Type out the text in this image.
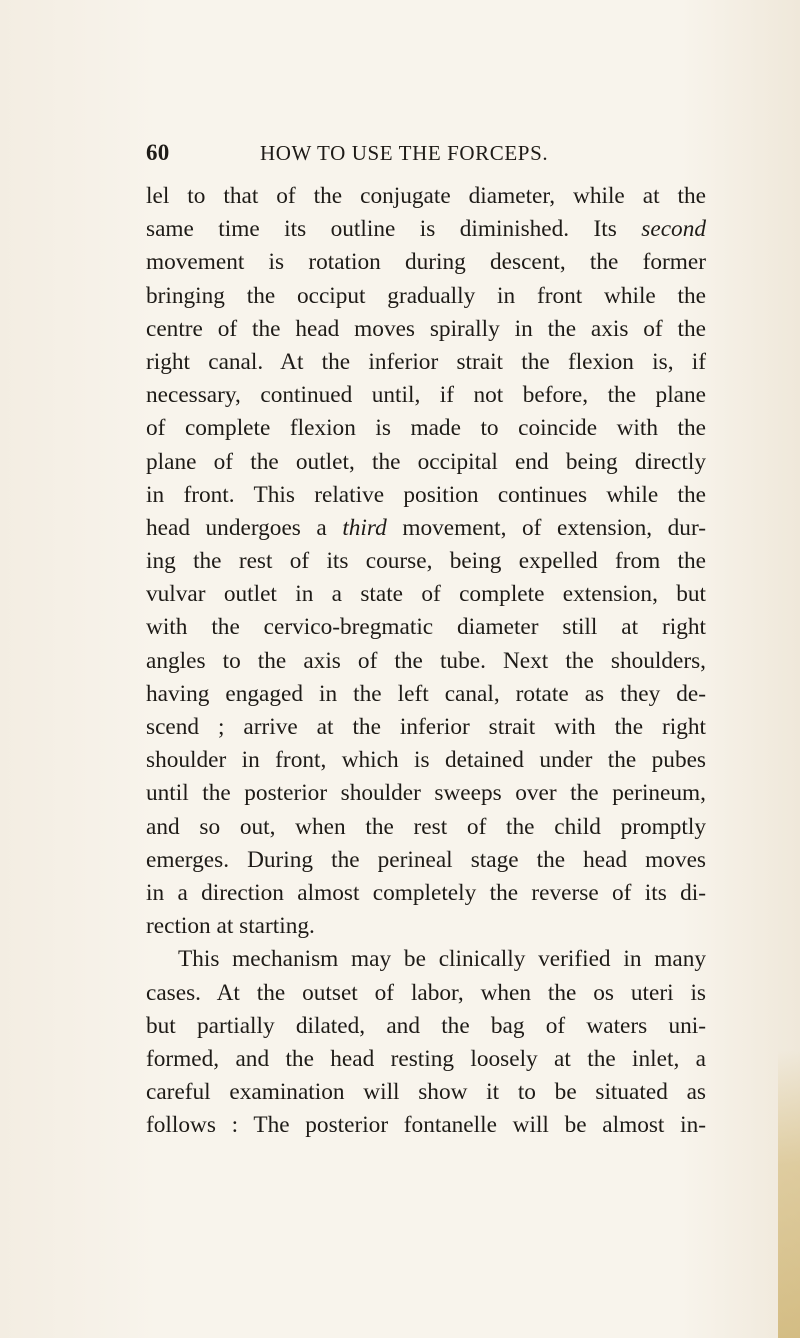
60	HOW TO USE THE FORCEPS.
lel to that of the conjugate diameter, while at the
same time its outline is diminished. Its second
movement is rotation during descent, the former
bringing the occiput gradually in front while the
centre of the head moves spirally in the axis of the
right canal. At the inferior strait the flexion is, if
necessary, continued until, if not before, the plane
of complete flexion is made to coincide with the
plane of the outlet, the occipital end being directly
in front. This relative position continues while the
head undergoes a third movement, of extension, dur-
ing the rest of its course, being expelled from the
vulvar outlet in a state of complete extension, but
with the cervico-bregmatic diameter still at right
angles to the axis of the tube. Next the shoulders,
having engaged in the left canal, rotate as they de-
scend ; arrive at the inferior strait with the right
shoulder in front, which is detained under the pubes
until the posterior shoulder sweeps over the perineum,
and so out, when the rest of the child promptly
emerges. During the perineal stage the head moves
in a direction almost completely the reverse of its di-
rection at starting.
This mechanism may be clinically verified in many
cases. At the outset of labor, when the os uteri is
but partially dilated, and the bag of waters uni-
formed, and the head resting loosely at the inlet, a
careful examination will show it to be situated as
follows : The posterior fontanelle will be almost in-
